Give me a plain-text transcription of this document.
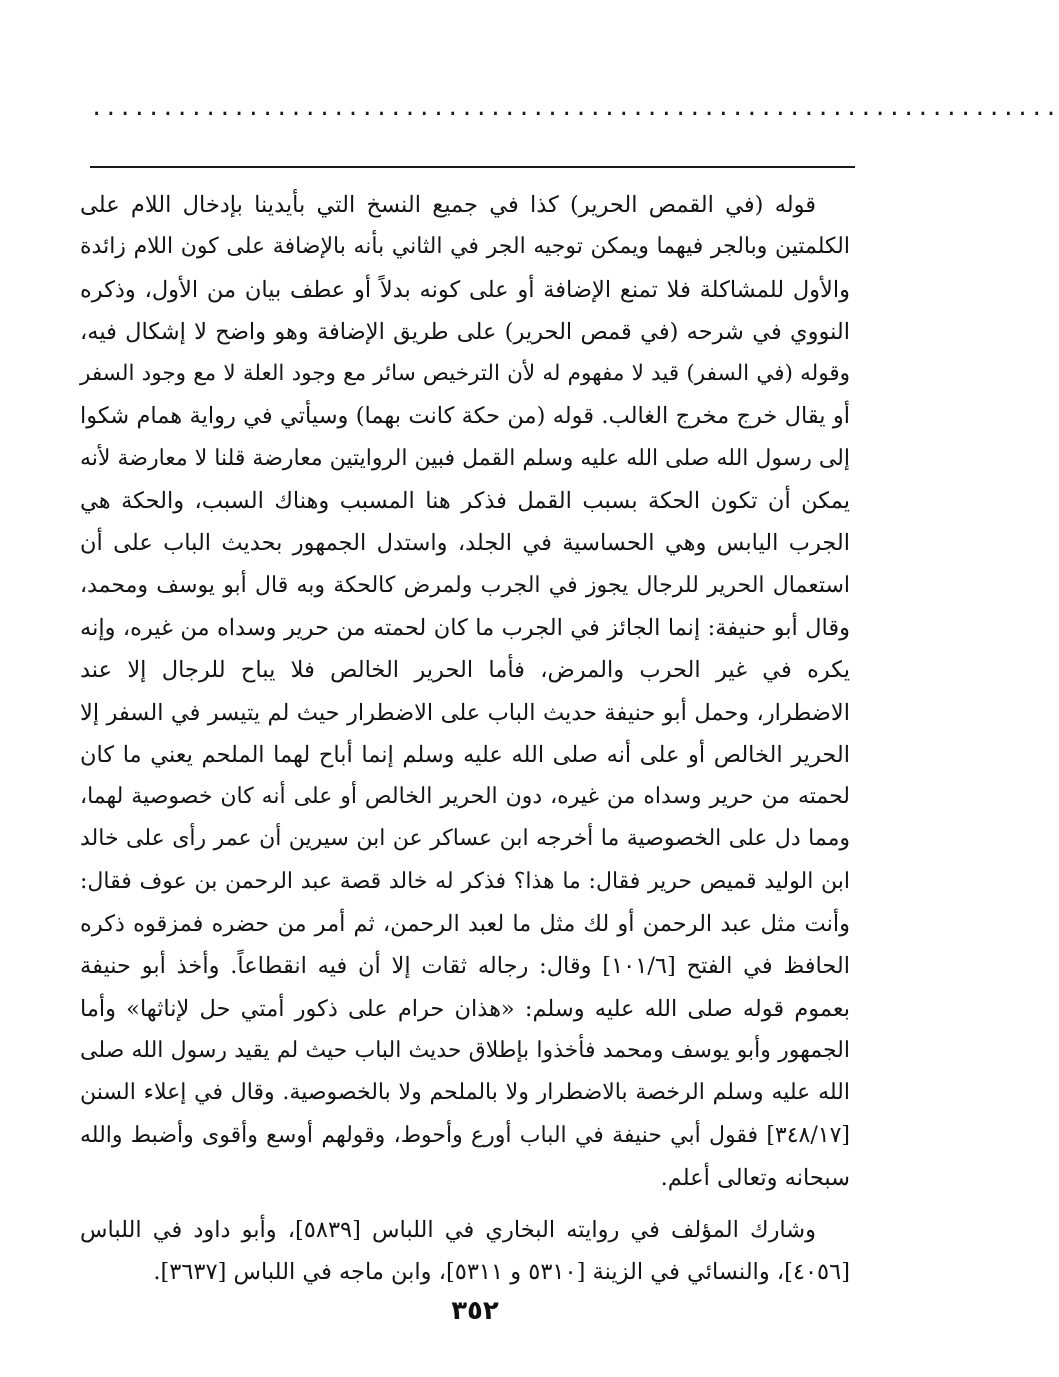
....................................................................
قوله (في القمص الحرير) كذا في جميع النسخ التي بأيدينا بإدخال اللام على
الكلمتين وبالجر فيهما ويمكن توجيه الجر في الثاني بأنه بالإضافة على كون اللام زائدة
والأول للمشاكلة فلا تمنع الإضافة أو على كونه بدلاً أو عطف بيان من الأول، وذكره
النووي في شرحه (في قمص الحرير) على طريق الإضافة وهو واضح لا إشكال فيه،
وقوله (في السفر) قيد لا مفهوم له لأن الترخيص سائر مع وجود العلة لا مع وجود السفر
أو يقال خرج مخرج الغالب. قوله (من حكة كانت بهما) وسيأتي في رواية همام شكوا
إلى رسول الله صلى الله عليه وسلم القمل فبين الروايتين معارضة قلنا لا معارضة لأنه
يمكن أن تكون الحكة بسبب القمل فذكر هنا المسبب وهناك السبب، والحكة هي
الجرب اليابس وهي الحساسية في الجلد، واستدل الجمهور بحديث الباب على أن
استعمال الحرير للرجال يجوز في الجرب ولمرض كالحكة وبه قال أبو يوسف ومحمد،
وقال أبو حنيفة: إنما الجائز في الجرب ما كان لحمته من حرير وسداه من غيره، وإنه
يكره في غير الحرب والمرض، فأما الحرير الخالص فلا يباح للرجال إلا عند
الاضطرار، وحمل أبو حنيفة حديث الباب على الاضطرار حيث لم يتيسر في السفر إلا
الحرير الخالص أو على أنه صلى الله عليه وسلم إنما أباح لهما الملحم يعني ما كان
لحمته من حرير وسداه من غيره، دون الحرير الخالص أو على أنه كان خصوصية لهما،
ومما دل على الخصوصية ما أخرجه ابن عساكر عن ابن سيرين أن عمر رأى على خالد
ابن الوليد قميص حرير فقال: ما هذا؟ فذكر له خالد قصة عبد الرحمن بن عوف فقال:
وأنت مثل عبد الرحمن أو لك مثل ما لعبد الرحمن، ثم أمر من حضره فمزقوه ذكره
الحافظ في الفتح [١٠١/٦] وقال: رجاله ثقات إلا أن فيه انقطاعاً. وأخذ أبو حنيفة
بعموم قوله صلى الله عليه وسلم: «هذان حرام على ذكور أمتي حل لإناثها» وأما
الجمهور وأبو يوسف ومحمد فأخذوا بإطلاق حديث الباب حيث لم يقيد رسول الله صلى
الله عليه وسلم الرخصة بالاضطرار ولا بالملحم ولا بالخصوصية. وقال في إعلاء السنن
[٣٤٨/١٧] فقول أبي حنيفة في الباب أورع وأحوط، وقولهم أوسع وأقوى وأضبط والله
سبحانه وتعالى أعلم.
وشارك المؤلف في روايته البخاري في اللباس [٥٨٣٩]، وأبو داود في اللباس
[٤٠٥٦]، والنسائي في الزينة [٥٣١٠ و ٥٣١١]، وابن ماجه في اللباس [٣٦٣٧].
٣٥٢
